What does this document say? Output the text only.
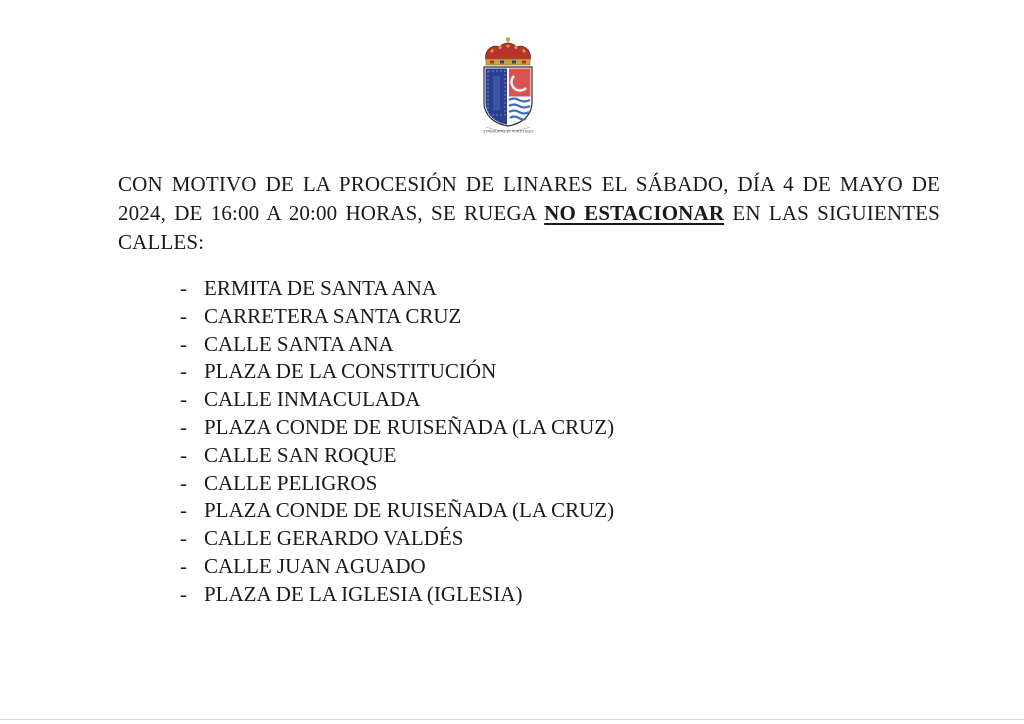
STRENUITAS ET FORTITUDO

CON MOTIVO DE LA PROCESIÓN DE LINARES EL SÁBADO, DÍA 4 DE MAYO DE 2024, DE 16:00 A 20:00 HORAS, SE RUEGA NO ESTACIONAR EN LAS SIGUIENTES CALLES:

- ERMITA DE SANTA ANA
- CARRETERA SANTA CRUZ
- CALLE SANTA ANA
- PLAZA DE LA CONSTITUCIÓN
- CALLE INMACULADA
- PLAZA CONDE DE RUISEÑADA (LA CRUZ)
- CALLE SAN ROQUE
- CALLE PELIGROS
- PLAZA CONDE DE RUISEÑADA (LA CRUZ)
- CALLE GERARDO VALDÉS
- CALLE JUAN AGUADO
- PLAZA DE LA IGLESIA (IGLESIA)
